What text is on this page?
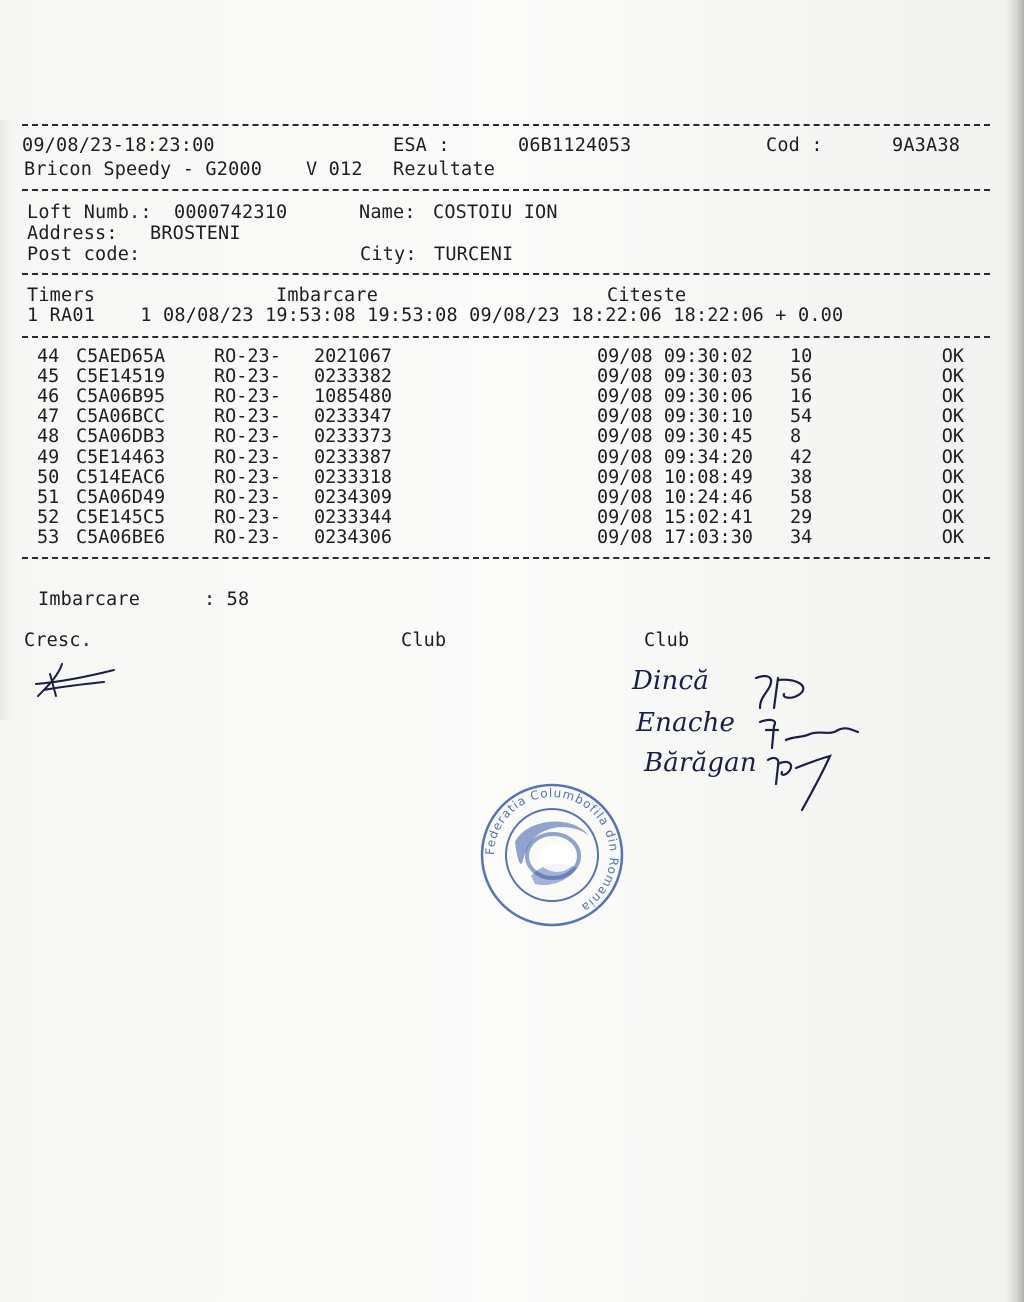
09/08/23-18:23:00	ESA :	06B1124053	Cod :	9A3A38
Bricon Speedy - G2000 V 012 Rezultate
Loft Numb.: 0000742310	Name: COSTOIU ION
Address: BROSTENI
Post code:	City: TURCENI
Timers	Imbarcare	Citeste
1 RA01    1 08/08/23 19:53:08 19:53:08 09/08/23 18:22:06 18:22:06 + 0.00
44 C5AED65A	RO-23- 2021067	09/08 09:30:02 10	OK
45 C5E14519	RO-23- 0233382	09/08 09:30:03 56	OK
46 C5A06B95	RO-23- 1085480	09/08 09:30:06 16	OK
47 C5A06BCC	RO-23- 0233347	09/08 09:30:10 54	OK
48 C5A06DB3	RO-23- 0233373	09/08 09:30:45 8	OK
49 C5E14463	RO-23- 0233387	09/08 09:34:20 42	OK
50 C514EAC6	RO-23- 0233318	09/08 10:08:49 38	OK
51 C5A06D49	RO-23- 0234309	09/08 10:24:46 58	OK
52 C5E145C5	RO-23- 0233344	09/08 15:02:41 29	OK
53 C5A06BE6	RO-23- 0234306	09/08 17:03:30 34	OK
Imbarcare	: 58
Cresc.	Club	Club
Dincă
Enache
Bărăgan
Federatia Columbofila din Romania
